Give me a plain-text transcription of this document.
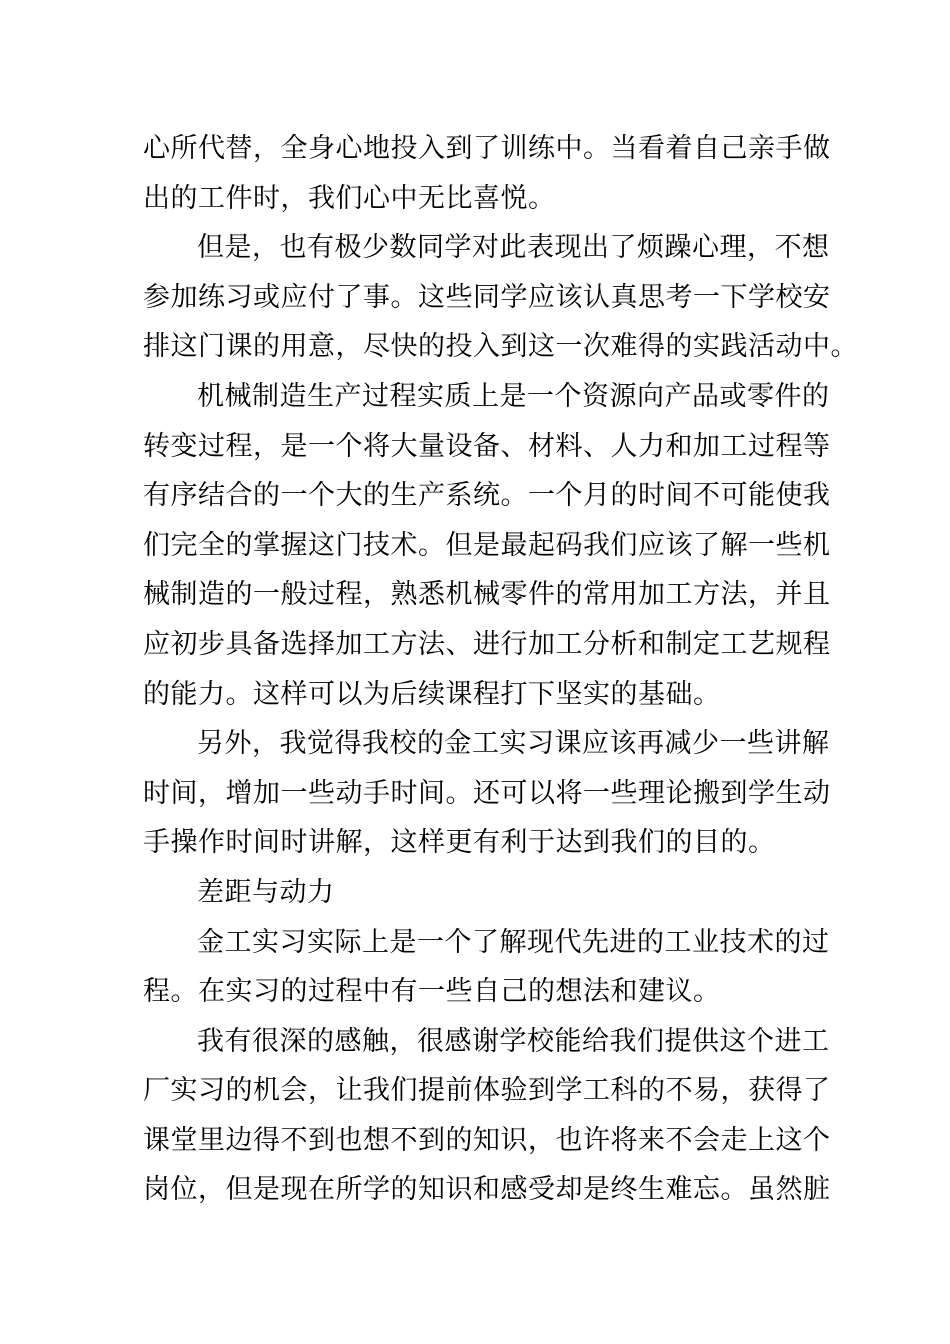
心所代替，全身心地投入到了训练中。当看着自己亲手做
出的工件时，我们心中无比喜悦。
但是，也有极少数同学对此表现出了烦躁心理，不想
参加练习或应付了事。这些同学应该认真思考一下学校安
排这门课的用意，尽快的投入到这一次难得的实践活动中。
机械制造生产过程实质上是一个资源向产品或零件的
转变过程，是一个将大量设备、材料、人力和加工过程等
有序结合的一个大的生产系统。一个月的时间不可能使我
们完全的掌握这门技术。但是最起码我们应该了解一些机
械制造的一般过程，熟悉机械零件的常用加工方法，并且
应初步具备选择加工方法、进行加工分析和制定工艺规程
的能力。这样可以为后续课程打下坚实的基础。
另外，我觉得我校的金工实习课应该再减少一些讲解
时间，增加一些动手时间。还可以将一些理论搬到学生动
手操作时间时讲解，这样更有利于达到我们的目的。
差距与动力
金工实习实际上是一个了解现代先进的工业技术的过
程。在实习的过程中有一些自己的想法和建议。
我有很深的感触，很感谢学校能给我们提供这个进工
厂实习的机会，让我们提前体验到学工科的不易，获得了
课堂里边得不到也想不到的知识，也许将来不会走上这个
岗位，但是现在所学的知识和感受却是终生难忘。虽然脏
